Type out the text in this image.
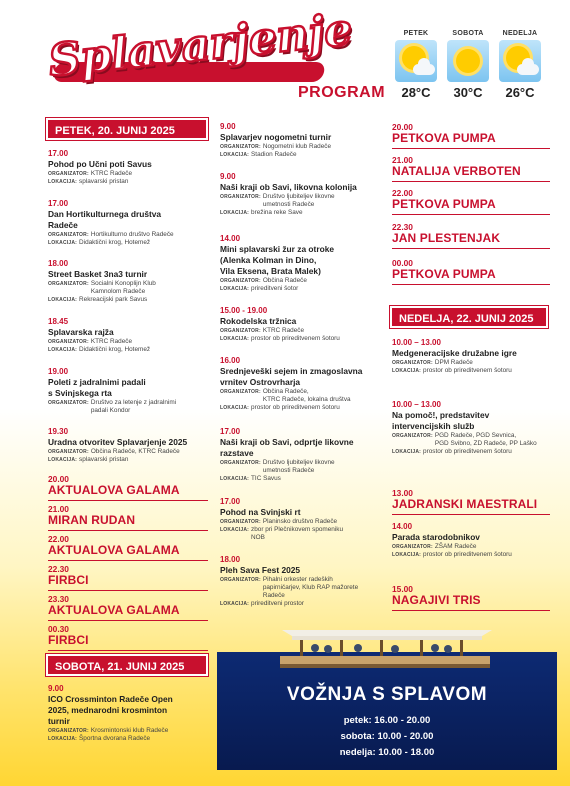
Splavarjenje
PROGRAM
PETEK
28°C
SOBOTA
30°C
NEDELJA
26°C
PETEK, 20. JUNIJ 2025
SOBOTA, 21. JUNIJ 2025
NEDELJA, 22. JUNIJ 2025
17.00
Pohod po Učni poti Savus
ORGANIZATOR: KTRC Radeče
LOKACIJA: splavarski pristan
17.00
Dan Hortikulturnega društva
Radeče
ORGANIZATOR: Hortikulturno društvo Radeče
LOKACIJA: Didaktični krog, Hotemež
18.00
Street Basket 3na3 turnir
ORGANIZATOR: Socialni Konoplijn Klub
Kamnolom Radeče
LOKACIJA: Rekreacijski park Savus
18.45
Splavarska rajža
ORGANIZATOR: KTRC Radeče
LOKACIJA: Didaktični krog, Hotemež
19.00
Poleti z jadralnimi padali
s Svinjskega rta
ORGANIZATOR: Društvo za letenje z jadralnimi
padali Kondor
19.30
Uradna otvoritev Splavarjenje 2025
ORGANIZATOR: Občina Radeče, KTRC Radeče
LOKACIJA: splavarski pristan
20.00
AKTUALOVA GALAMA
21.00
MIRAN RUDAN
22.00
AKTUALOVA GALAMA
22.30
FIRBCI
23.30
AKTUALOVA GALAMA
00.30
FIRBCI
9.00
ICO Crossminton Radeče Open
2025, mednarodni krosminton
turnir
ORGANIZATOR: Krosmintonski klub Radeče
LOKACIJA: Športna dvorana Radeče
9.00
Splavarjev nogometni turnir
ORGANIZATOR: Nogometni klub Radeče
LOKACIJA: Stadion Radeče
9.00
Naši kraji ob Savi, likovna kolonija
ORGANIZATOR: Društvo ljubiteljev likovne
umetnosti Radeče
LOKACIJA: brežina reke Save
14.00
Mini splavarski žur za otroke
(Alenka Kolman in Dino,
Vila Eksena, Brata Malek)
ORGANIZATOR: Občina Radeče
LOKACIJA: prireditveni šotor
15.00 - 19.00
Rokodelska tržnica
ORGANIZATOR: KTRC Radeče
LOKACIJA: prostor ob prireditvenem šotoru
16.00
Srednjeveški sejem in zmagoslavna
vrnitev Ostrovrharja
ORGANIZATOR: Občina Radeče,
KTRC Radeče, lokalna društva
LOKACIJA: prostor ob prireditvenem šotoru
17.00
Naši kraji ob Savi, odprtje likovne
razstave
ORGANIZATOR: Društvo ljubiteljev likovne
umetnosti Radeče
LOKACIJA: TIC Savus
17.00
Pohod na Svinjski rt
ORGANIZATOR: Planinsko društvo Radeče
LOKACIJA: zbor pri Plečnikovem spomeniku
NOB
18.00
Pleh Sava Fest 2025
ORGANIZATOR: Pihalni orkester radeških
papirničarjev, Klub RAP mažorete Radeče
LOKACIJA: prireditveni prostor
20.00
PETKOVA PUMPA
21.00
NATALIJA VERBOTEN
22.00
PETKOVA PUMPA
22.30
JAN PLESTENJAK
00.00
PETKOVA PUMPA
10.00 – 13.00
Medgeneracijske družabne igre
ORGANIZATOR: DPM Radeče
LOKACIJA: prostor ob prireditvenem šotoru
10.00 – 13.00
Na pomoč!, predstavitev
intervencijskih služb
ORGANIZATOR: PGD Radeče, PGD Sevnica,
PGD Svibno, ZD Radeče, PP Laško
LOKACIJA: prostor ob prireditvenem šotoru
13.00
JADRANSKI MAESTRALI
14.00
Parada starodobnikov
ORGANIZATOR: ZŠAM Radeče
LOKACIJA: prostor ob prireditvenem šotoru
15.00
NAGAJIVI TRIS
VOŽNJA S SPLAVOM
petek: 16.00 - 20.00
sobota: 10.00 - 20.00
nedelja: 10.00 - 18.00
